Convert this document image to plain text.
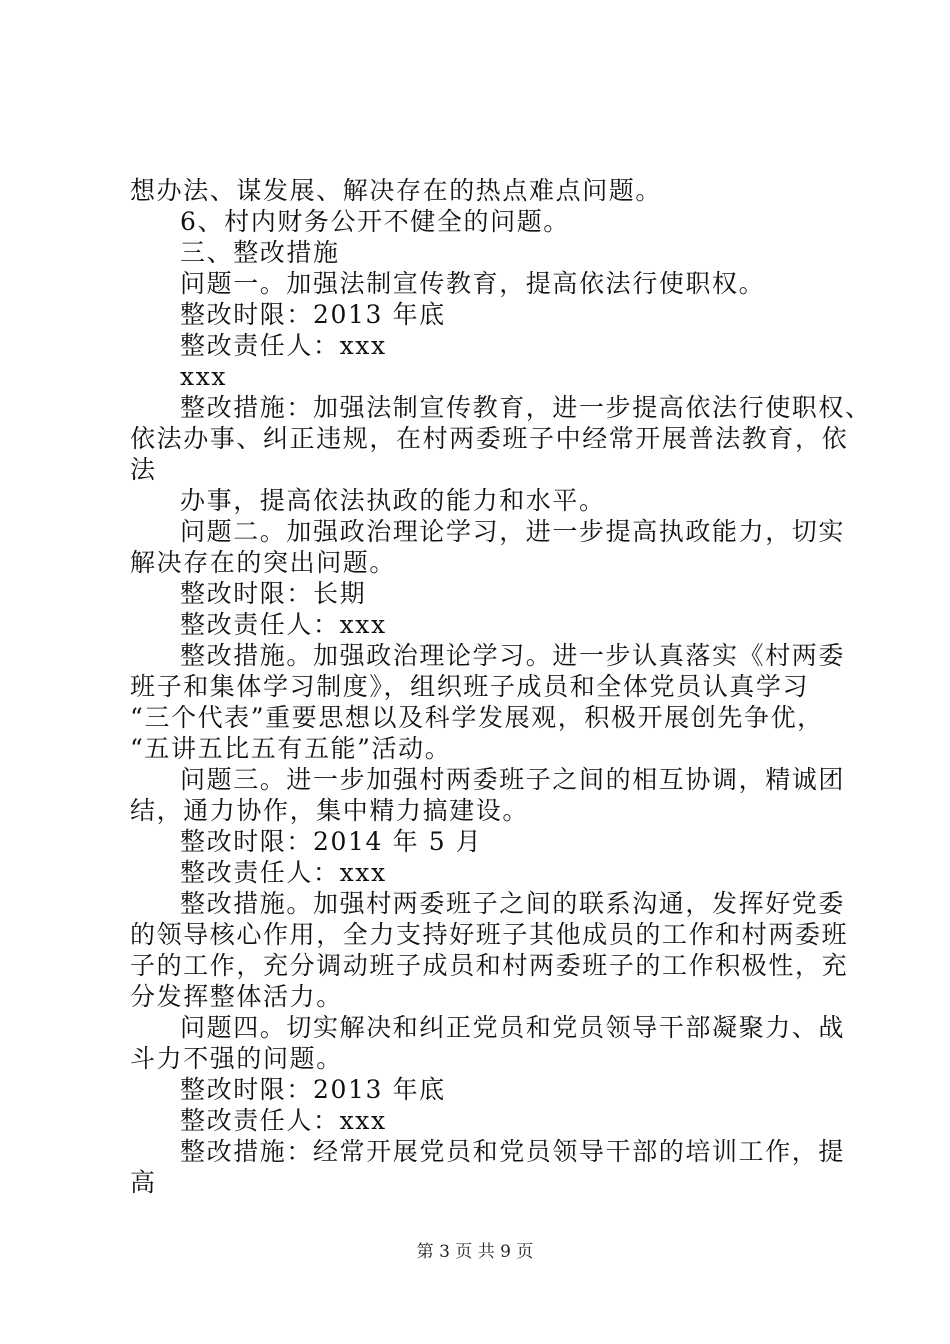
想办法、谋发展、解决存在的热点难点问题。
6、村内财务公开不健全的问题。
三、整改措施
问题一。加强法制宣传教育，提高依法行使职权。
整改时限：2013 年底
整改责任人：xxx
xxx
整改措施：加强法制宣传教育，进一步提高依法行使职权、
依法办事、纠正违规，在村两委班子中经常开展普法教育，依
法
办事，提高依法执政的能力和水平。
问题二。加强政治理论学习，进一步提高执政能力，切实
解决存在的突出问题。
整改时限：长期
整改责任人：xxx
整改措施。加强政治理论学习。进一步认真落实《村两委
班子和集体学习制度》，组织班子成员和全体党员认真学习
“三个代表”重要思想以及科学发展观，积极开展创先争优，
“五讲五比五有五能”活动。
问题三。进一步加强村两委班子之间的相互协调，精诚团
结，通力协作，集中精力搞建设。
整改时限：2014 年 5 月
整改责任人：xxx
整改措施。加强村两委班子之间的联系沟通，发挥好党委
的领导核心作用，全力支持好班子其他成员的工作和村两委班
子的工作，充分调动班子成员和村两委班子的工作积极性，充
分发挥整体活力。
问题四。切实解决和纠正党员和党员领导干部凝聚力、战
斗力不强的问题。
整改时限：2013 年底
整改责任人：xxx
整改措施：经常开展党员和党员领导干部的培训工作，提
高
第 3 页 共 9 页
